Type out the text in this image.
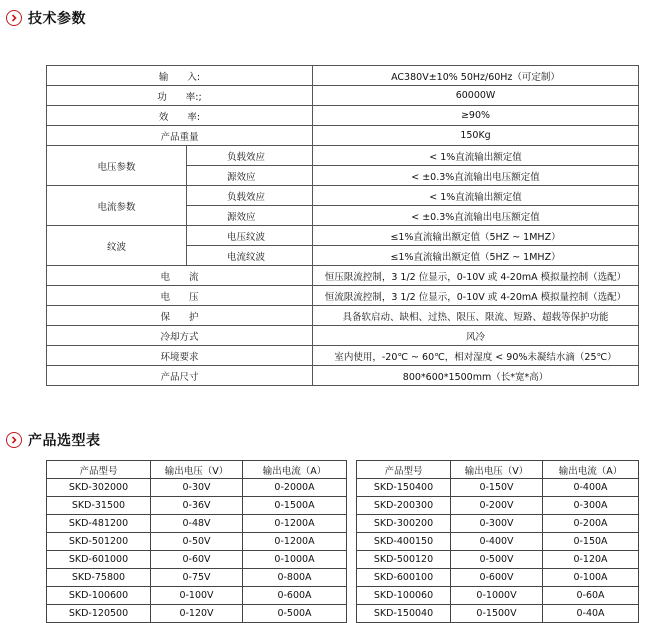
技术参数
输　　入:		AC380V±10% 50Hz/60Hz（可定制）
功　　率:;		60000W
效　　率:		≥90%
产品重量		150Kg
电压参数	负载效应	< 1%直流输出额定值
	源效应	< ±0.3%直流输出电压额定值
电流参数	负载效应	< 1%直流输出额定值
	源效应	< ±0.3%直流输出电压额定值
纹波	电压纹波	≤1%直流输出额定值（5HZ ~ 1MHZ）
	电流纹波	≤1%直流输出额定值（5HZ ~ 1MHZ）
电　　流		恒压限流控制，3 1/2 位显示，0-10V 或 4-20mA 模拟量控制（选配）
电　　压		恒流限流控制，3 1/2 位显示，0-10V 或 4-20mA 模拟量控制（选配）
保　　护		具备软启动、缺相、过热、限压、限流、短路、超载等保护功能
冷却方式		风冷
环境要求		室内使用，-20℃ ~ 60℃，相对湿度 < 90%未凝结水滴（25℃）
产品尺寸		800*600*1500mm（长*宽*高）
产品选型表
产品型号	输出电压（V）	输出电流（A）
SKD-302000	0-30V	0-2000A
SKD-31500	0-36V	0-1500A
SKD-481200	0-48V	0-1200A
SKD-501200	0-50V	0-1200A
SKD-601000	0-60V	0-1000A
SKD-75800	0-75V	0-800A
SKD-100600	0-100V	0-600A
SKD-120500	0-120V	0-500A
产品型号	输出电压（V）	输出电流（A）
SKD-150400	0-150V	0-400A
SKD-200300	0-200V	0-300A
SKD-300200	0-300V	0-200A
SKD-400150	0-400V	0-150A
SKD-500120	0-500V	0-120A
SKD-600100	0-600V	0-100A
SKD-100060	0-1000V	0-60A
SKD-150040	0-1500V	0-40A
